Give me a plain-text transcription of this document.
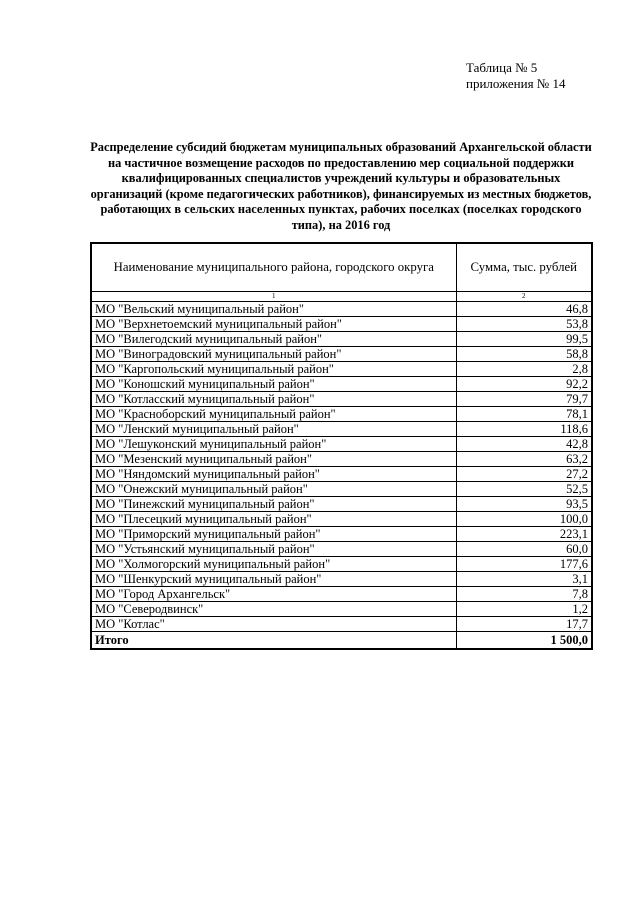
Таблица № 5
приложения № 14

Распределение субсидий бюджетам муниципальных образований Архангельской области на частичное возмещение расходов по предоставлению мер социальной поддержки квалифицированных специалистов учреждений культуры и образовательных организаций (кроме педагогических работников), финансируемых из местных бюджетов, работающих в сельских населенных пунктах, рабочих поселках (поселках городского типа), на 2016 год

Наименование муниципального района, городского округа	Сумма, тыс. рублей
1	2
МО "Вельский муниципальный район"	46,8
МО "Верхнетоемский муниципальный район"	53,8
МО "Вилегодский муниципальный район"	99,5
МО "Виноградовский муниципальный район"	58,8
МО "Каргопольский муниципальный район"	2,8
МО "Коношский муниципальный район"	92,2
МО "Котласский муниципальный район"	79,7
МО "Красноборский муниципальный район"	78,1
МО "Ленский муниципальный район"	118,6
МО "Лешуконский муниципальный район"	42,8
МО "Мезенский муниципальный район"	63,2
МО "Няндомский муниципальный район"	27,2
МО "Онежский муниципальный район"	52,5
МО "Пинежский муниципальный район"	93,5
МО "Плесецкий муниципальный район"	100,0
МО "Приморский муниципальный район"	223,1
МО "Устьянский муниципальный район"	60,0
МО "Холмогорский муниципальный район"	177,6
МО "Шенкурский муниципальный район"	3,1
МО "Город Архангельск"	7,8
МО "Северодвинск"	1,2
МО "Котлас"	17,7
Итого	1 500,0
